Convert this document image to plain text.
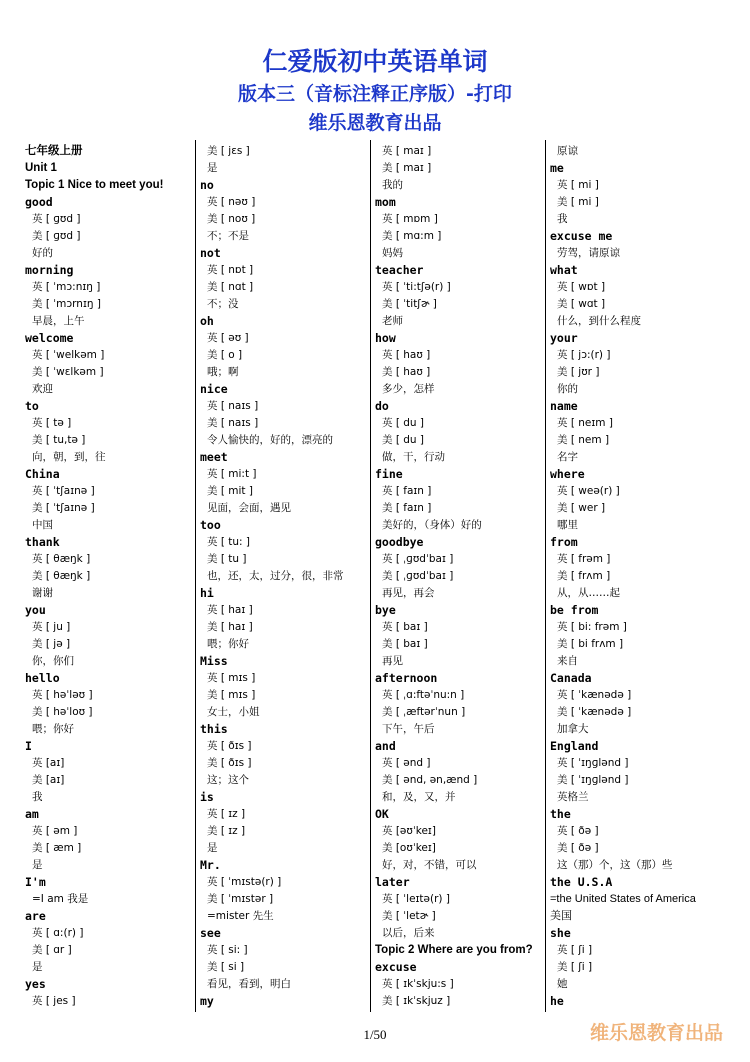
仁爱版初中英语单词
版本三（音标注释正序版）-打印
维乐恩教育出品
七年级上册
Unit 1
Topic 1 Nice to meet you!
good
英 [ ɡʊd ]
美 [ ɡʊd ]
好的
morning
英 [ ˈmɔ:nɪŋ ]
美 [ ˈmɔrnɪŋ ]
早晨，上午
welcome
英 [ ˈwelkəm ]
美 [ ˈwɛlkəm ]
欢迎
to
英 [ tə ]
美 [ tu,tə ]
向，朝，到，往
China
英 [ ˈtʃaɪnə ]
美 [ ˈtʃaɪnə ]
中国
thank
英 [ θæŋk ]
美 [ θæŋk ]
谢谢
you
英 [ ju ]
美 [ jə ]
你，你们
hello
英 [ həˈləʊ ]
美 [ həˈloʊ ]
喂；你好
I
英 [aɪ]
美 [aɪ]
我
am
英 [ əm ]
美 [ æm ]
是
I'm
=I am 我是
are
英 [ ɑ:(r) ]
美 [ ɑr ]
是
yes
英 [ jes ]
美 [ jɛs ]
是
no
英 [ nəʊ ]
美 [ noʊ ]
不；不是
not
英 [ nɒt ]
美 [ nɑt ]
不；没
oh
英 [ əʊ ]
美 [ o ]
哦；啊
nice
英 [ naɪs ]
美 [ naɪs ]
令人愉快的，好的，漂亮的
meet
英 [ mi:t ]
美 [ mit ]
见面，会面，遇见
too
英 [ tu: ]
美 [ tu ]
也，还，太，过分，很，非常
hi
英 [ haɪ ]
美 [ haɪ ]
喂；你好
Miss
英 [ mɪs ]
美 [ mɪs ]
女士，小姐
this
英 [ ðɪs ]
美 [ ðɪs ]
这；这个
is
英 [ ɪz ]
美 [ ɪz ]
是
Mr.
英 [ ˈmɪstə(r) ]
美 [ ˈmɪstər ]
=mister 先生
see
英 [ si: ]
美 [ si ]
看见，看到，明白
my
英 [ maɪ ]
美 [ maɪ ]
我的
mom
英 [ mɒm ]
美 [ mɑ:m ]
妈妈
teacher
英 [ ˈti:tʃə(r) ]
美 [ ˈtitʃɚ ]
老师
how
英 [ haʊ ]
美 [ haʊ ]
多少，怎样
do
英 [ du ]
美 [ du ]
做，干，行动
fine
英 [ faɪn ]
美 [ faɪn ]
美好的，（身体）好的
goodbye
英 [ ˌɡʊdˈbaɪ ]
美 [ ˌɡʊdˈbaɪ ]
再见，再会
bye
英 [ baɪ ]
美 [ baɪ ]
再见
afternoon
英 [ ˌɑ:ftəˈnu:n ]
美 [ ˌæftərˈnun ]
下午，午后
and
英 [ ənd ]
美 [ ənd, ən,ænd ]
和，及，又，并
OK
英 [əʊˈkeɪ]
美 [oʊˈkeɪ]
好，对，不错，可以
later
英 [ ˈleɪtə(r) ]
美 [ ˈletɚ ]
以后，后来
Topic 2 Where are you from?
excuse
英 [ ɪkˈskju:s ]
美 [ ɪkˈskjuz ]
原谅
me
英 [ mi ]
美 [ mi ]
我
excuse me
劳驾，请原谅
what
英 [ wɒt ]
美 [ wɑt ]
什么，到什么程度
your
英 [ jɔ:(r) ]
美 [ jʊr ]
你的
name
英 [ neɪm ]
美 [ nem ]
名字
where
英 [ weə(r) ]
美 [ wer ]
哪里
from
英 [ frəm ]
美 [ frʌm ]
从，从……起
be from
英 [ bi: frəm ]
美 [ bi frʌm ]
来自
Canada
英 [ ˈkænədə ]
美 [ ˈkænədə ]
加拿大
England
英 [ ˈɪŋɡlənd ]
美 [ ˈɪŋɡlənd ]
英格兰
the
英 [ ðə ]
美 [ ðə ]
这（那）个，这（那）些
the U.S.A
=the United States of America
美国
she
英 [ ʃi ]
美 [ ʃi ]
她
he
1/50	维乐恩教育出品
